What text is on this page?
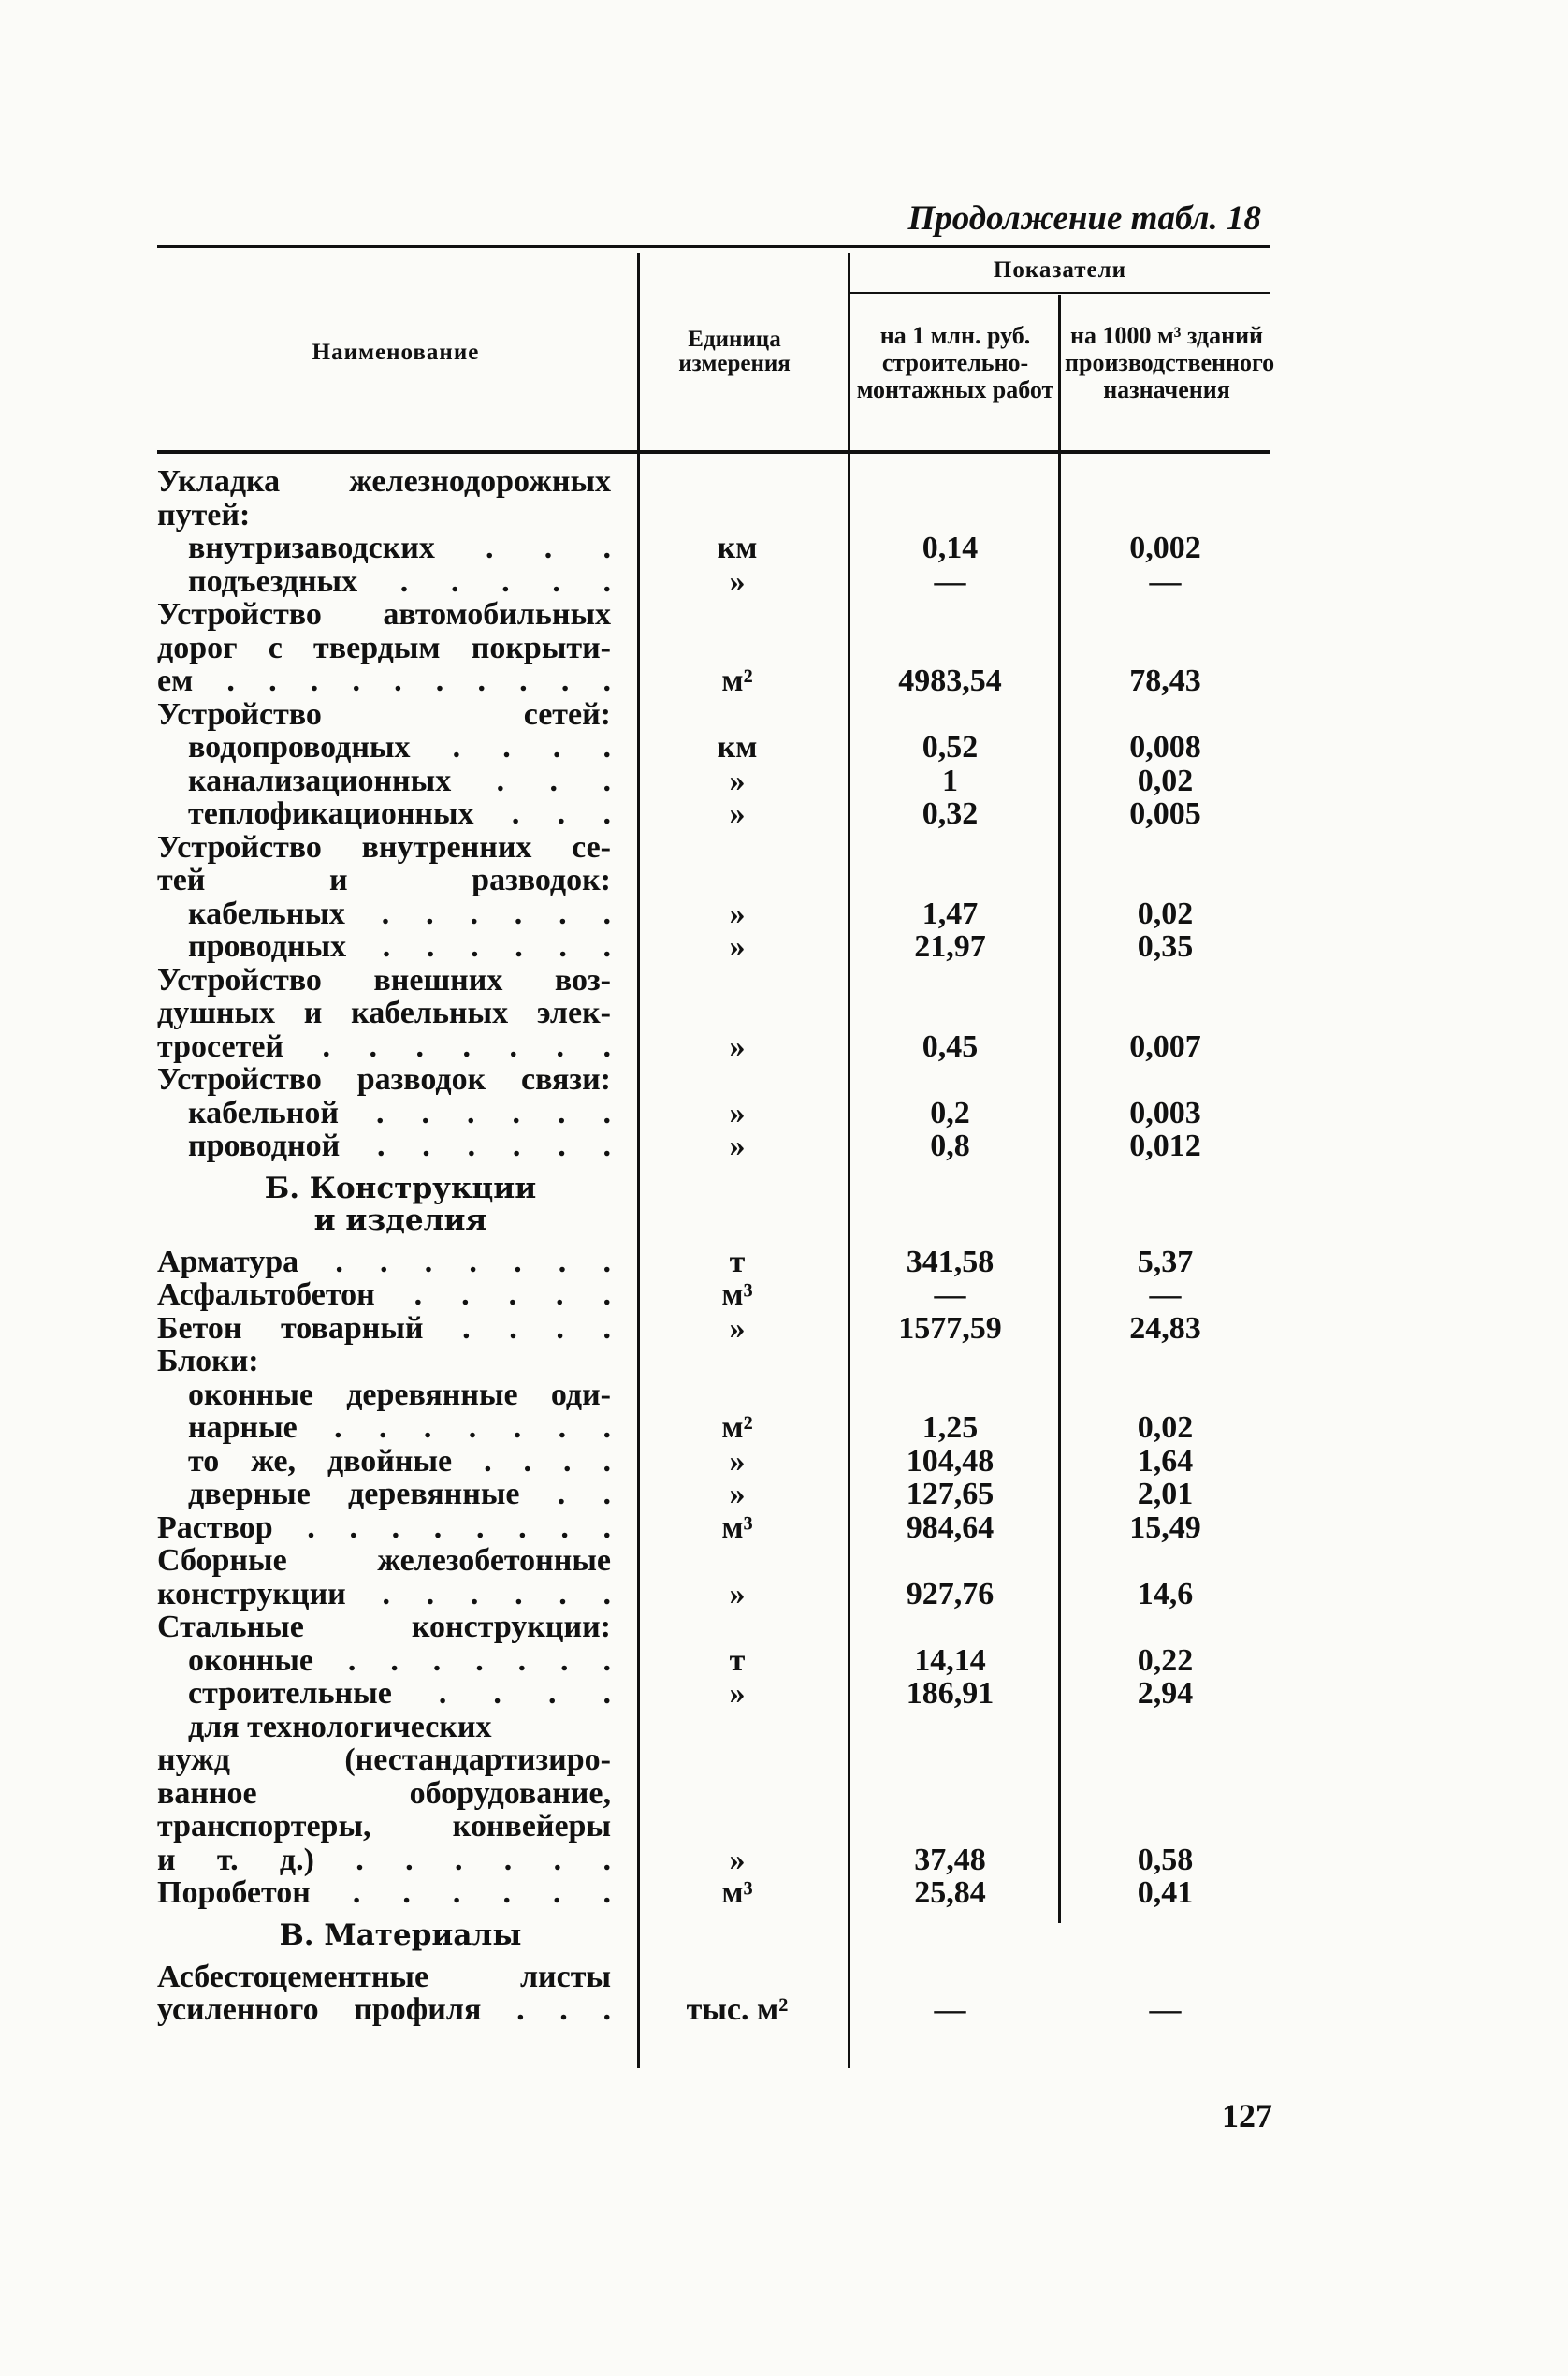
Продолжение табл. 18
Наименование
Единица измерения
Показатели
на 1 млн. руб. строительно-монтажных работ
на 1000 м³ зданий производственного назначения
Укладка железнодорожных
путей:
внутризаводских . . .	км	0,14	0,002
подъездных . . . . .	»	—	—
Устройство автомобильных
дорог с твердым покрыти-
ем . . . . . . . . . .	м²	4983,54	78,43
Устройство сетей:
водопроводных . . . .	км	0,52	0,008
канализационных . . .	»	1	0,02
теплофикационных . . .	»	0,32	0,005
Устройство внутренних се-
тей и разводок:
кабельных . . . . . .	»	1,47	0,02
проводных . . . . . .	»	21,97	0,35
Устройство внешних воз-
душных и кабельных элек-
тросетей . . . . . . .	»	0,45	0,007
Устройство разводок связи:
кабельной . . . . . .	»	0,2	0,003
проводной . . . . . .	»	0,8	0,012
Б. Конструкции
и изделия
Арматура . . . . . . .	т	341,58	5,37
Асфальтобетон . . . . .	м³	—	—
Бетон товарный . . . .	»	1577,59	24,83
Блоки:
оконные деревянные оди-
нарные . . . . . . .	м²	1,25	0,02
то же, двойные . . . .	»	104,48	1,64
дверные деревянные . .	»	127,65	2,01
Раствор . . . . . . . .	м³	984,64	15,49
Сборные железобетонные
конструкции . . . . . .	»	927,76	14,6
Стальные конструкции:
оконные . . . . . . .	т	14,14	0,22
строительные . . . .	»	186,91	2,94
для технологических
нужд (нестандартизиро-
ванное оборудование,
транспортеры, конвейеры
и т. д.) . . . . . .	»	37,48	0,58
Поробетон . . . . . .	м³	25,84	0,41
В. Материалы
Асбестоцементные листы
усиленного профиля . . .	тыс. м²	—	—
127
